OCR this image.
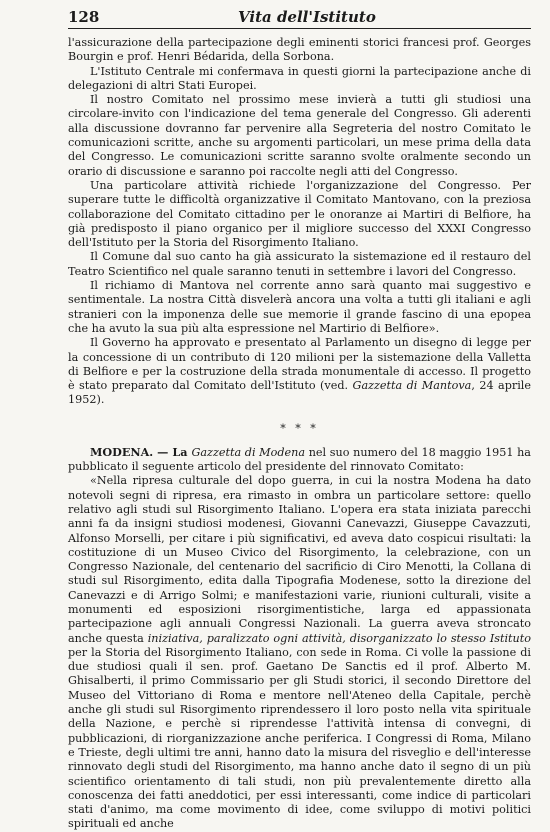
128	Vita dell'Istituto

l'assicurazione della partecipazione degli eminenti storici francesi prof. Georges Bourgin e prof. Henri Bédarida, della Sorbona.

L'Istituto Centrale mi confermava in questi giorni la partecipazione anche di delegazioni di altri Stati Europei.

Il nostro Comitato nel prossimo mese invierà a tutti gli studiosi una circolare-invito con l'indicazione del tema generale del Congresso. Gli aderenti alla discussione dovranno far pervenire alla Segreteria del nostro Comitato le comunicazioni scritte, anche su argomenti particolari, un mese prima della data del Congresso. Le comunicazioni scritte saranno svolte oralmente secondo un orario di discussione e saranno poi raccolte negli atti del Congresso.

Una particolare attività richiede l'organizzazione del Congresso. Per superare tutte le difficoltà organizzative il Comitato Mantovano, con la preziosa collaborazione del Comitato cittadino per le onoranze ai Martiri di Belfiore, ha già predisposto il piano organico per il migliore successo del XXXI Congresso dell'Istituto per la Storia del Risorgimento Italiano.

Il Comune dal suo canto ha già assicurato la sistemazione ed il restauro del Teatro Scientifico nel quale saranno tenuti in settembre i lavori del Congresso.

Il richiamo di Mantova nel corrente anno sarà quanto mai suggestivo e sentimentale. La nostra Città disvelerà ancora una volta a tutti gli italiani e agli stranieri con la imponenza delle sue memorie il grande fascino di una epopea che ha avuto la sua più alta espressione nel Martirio di Belfiore».

Il Governo ha approvato e presentato al Parlamento un disegno di legge per la concessione di un contributo di 120 milioni per la sistemazione della Valletta di Belfiore e per la costruzione della strada monumentale di accesso. Il progetto è stato preparato dal Comitato dell'Istituto (ved. Gazzetta di Mantova, 24 aprile 1952).

* * *

MODENA. — La Gazzetta di Modena nel suo numero del 18 maggio 1951 ha pubblicato il seguente articolo del presidente del rinnovato Comitato:

«Nella ripresa culturale del dopo guerra, in cui la nostra Modena ha dato notevoli segni di ripresa, era rimasto in ombra un particolare settore: quello relativo agli studi sul Risorgimento Italiano. L'opera era stata iniziata parecchi anni fa da insigni studiosi modenesi, Giovanni Canevazzi, Giuseppe Cavazzuti, Alfonso Morselli, per citare i più significativi, ed aveva dato cospicui risultati: la costituzione di un Museo Civico del Risorgimento, la celebrazione, con un Congresso Nazionale, del centenario del sacrificio di Ciro Menotti, la Collana di studi sul Risorgimento, edita dalla Tipografia Modenese, sotto la direzione del Canevazzi e di Arrigo Solmi; e manifestazioni varie, riunioni culturali, visite a monumenti ed esposizioni risorgimentistiche, larga ed appassionata partecipazione agli annuali Congressi Nazionali. La guerra aveva stroncato anche questa iniziativa, paralizzato ogni attività, disorganizzato lo stesso Istituto per la Storia del Risorgimento Italiano, con sede in Roma. Ci volle la passione di due studiosi quali il sen. prof. Gaetano De Sanctis ed il prof. Alberto M. Ghisalberti, il primo Commissario per gli Studi storici, il secondo Direttore del Museo del Vittoriano di Roma e mentore nell'Ateneo della Capitale, perchè anche gli studi sul Risorgimento riprendessero il loro posto nella vita spirituale della Nazione, e perchè si riprendesse l'attività intensa di convegni, di pubblicazioni, di riorganizzazione anche periferica. I Congressi di Roma, Milano e Trieste, degli ultimi tre anni, hanno dato la misura del risveglio e dell'interesse rinnovato degli studi del Risorgimento, ma hanno anche dato il segno di un più scientifico orientamento di tali studi, non più prevalentemente diretto alla conoscenza dei fatti aneddotici, per essi interessanti, come indice di particolari stati d'animo, ma come movimento di idee, come sviluppo di motivi politici spirituali ed anche
